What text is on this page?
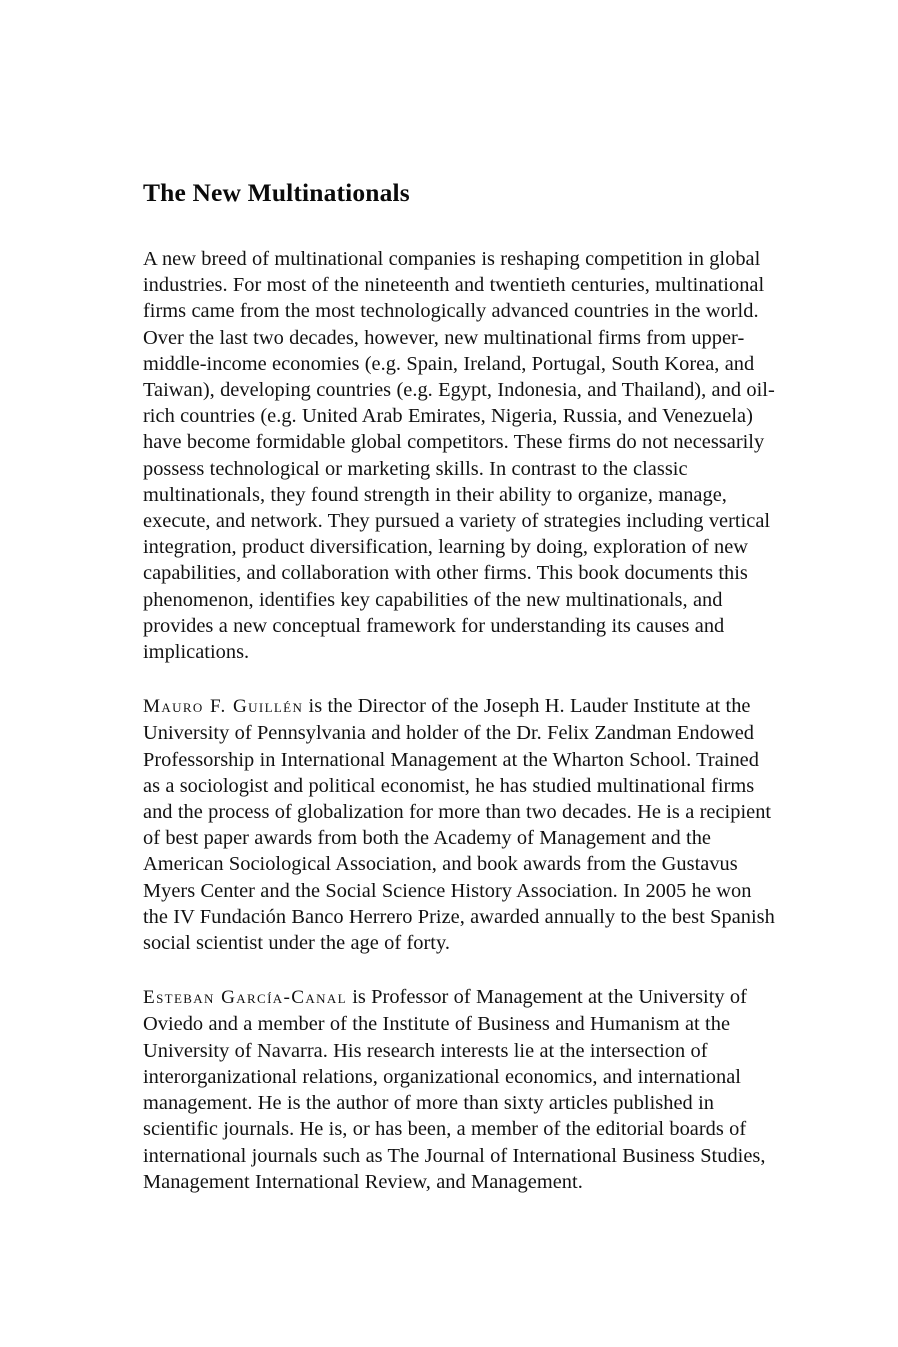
The New Multinationals

A new breed of multinational companies is reshaping competition in global industries. For most of the nineteenth and twentieth centuries, multinational firms came from the most technologically advanced countries in the world. Over the last two decades, however, new multinational firms from upper-middle-income economies (e.g. Spain, Ireland, Portugal, South Korea, and Taiwan), developing countries (e.g. Egypt, Indonesia, and Thailand), and oil-rich countries (e.g. United Arab Emirates, Nigeria, Russia, and Venezuela) have become formidable global competitors. These firms do not necessarily possess technological or marketing skills. In contrast to the classic multinationals, they found strength in their ability to organize, manage, execute, and network. They pursued a variety of strategies including vertical integration, product diversification, learning by doing, exploration of new capabilities, and collaboration with other firms. This book documents this phenomenon, identifies key capabilities of the new multinationals, and provides a new conceptual framework for understanding its causes and implications.

Mauro F. Guillén is the Director of the Joseph H. Lauder Institute at the University of Pennsylvania and holder of the Dr. Felix Zandman Endowed Professorship in International Management at the Wharton School. Trained as a sociologist and political economist, he has studied multinational firms and the process of globalization for more than two decades. He is a recipient of best paper awards from both the Academy of Management and the American Sociological Association, and book awards from the Gustavus Myers Center and the Social Science History Association. In 2005 he won the IV Fundación Banco Herrero Prize, awarded annually to the best Spanish social scientist under the age of forty.

Esteban García-Canal is Professor of Management at the University of Oviedo and a member of the Institute of Business and Humanism at the University of Navarra. His research interests lie at the intersection of interorganizational relations, organizational economics, and international management. He is the author of more than sixty articles published in scientific journals. He is, or has been, a member of the editorial boards of international journals such as The Journal of International Business Studies, Management International Review, and Management.
